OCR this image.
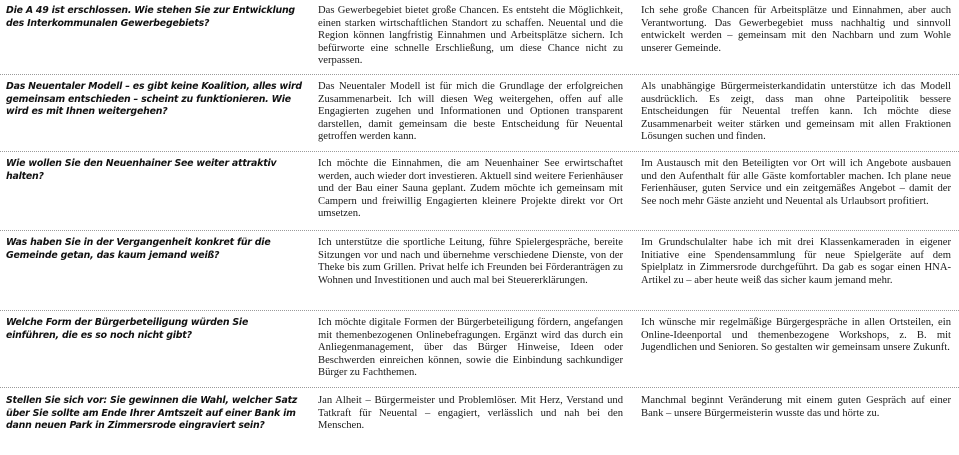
Die A 49 ist erschlossen. Wie stehen Sie zur Entwicklung des Interkommunalen Gewerbegebiets?
Das Gewerbegebiet bietet große Chancen. Es entsteht die Möglichkeit, einen starken wirtschaftlichen Standort zu schaffen. Neuental und die Region können langfristig Einnahmen und Arbeitsplätze sichern. Ich befürworte eine schnelle Erschließung, um diese Chance nicht zu verpassen.
Ich sehe große Chancen für Arbeitsplätze und Einnahmen, aber auch Verantwortung. Das Gewerbegebiet muss nachhaltig und sinnvoll entwickelt werden – gemeinsam mit den Nachbarn und zum Wohle unserer Gemeinde.
Das Neuentaler Modell – es gibt keine Koalition, alles wird gemeinsam entschieden – scheint zu funktionieren. Wie wird es mit Ihnen weitergehen?
Das Neuentaler Modell ist für mich die Grundlage der erfolgreichen Zusammenarbeit. Ich will diesen Weg weitergehen, offen auf alle Engagierten zugehen und Informationen und Optionen transparent darstellen, damit gemeinsam die beste Entscheidung für Neuental getroffen werden kann.
Als unabhängige Bürgermeisterkandidatin unterstütze ich das Modell ausdrücklich. Es zeigt, dass man ohne Parteipolitik bessere Entscheidungen für Neuental treffen kann. Ich möchte diese Zusammenarbeit weiter stärken und gemeinsam mit allen Fraktionen Lösungen suchen und finden.
Wie wollen Sie den Neuenhainer See weiter attraktiv halten?
Ich möchte die Einnahmen, die am Neuenhainer See erwirtschaftet werden, auch wieder dort investieren. Aktuell sind weitere Ferienhäuser und der Bau einer Sauna geplant. Zudem möchte ich gemeinsam mit Campern und freiwillig Engagierten kleinere Projekte direkt vor Ort umsetzen.
Im Austausch mit den Beteiligten vor Ort will ich Angebote ausbauen und den Aufenthalt für alle Gäste komfortabler machen. Ich plane neue Ferienhäuser, guten Service und ein zeitgemäßes Angebot – damit der See noch mehr Gäste anzieht und Neuental als Urlaubsort profitiert.
Was haben Sie in der Vergangenheit konkret für die Gemeinde getan, das kaum jemand weiß?
Ich unterstütze die sportliche Leitung, führe Spielergespräche, bereite Sitzungen vor und nach und übernehme verschiedene Dienste, von der Theke bis zum Grillen. Privat helfe ich Freunden bei Förderanträgen zu Wohnen und Investitionen und auch mal bei Steuererklärungen.
Im Grundschulalter habe ich mit drei Klassenkameraden in eigener Initiative eine Spendensammlung für neue Spielgeräte auf dem Spielplatz in Zimmersrode durchgeführt. Da gab es sogar einen HNA-Artikel zu – aber heute weiß das sicher kaum jemand mehr.
Welche Form der Bürgerbeteiligung würden Sie einführen, die es so noch nicht gibt?
Ich möchte digitale Formen der Bürgerbeteiligung fördern, angefangen mit themenbezogenen Onlinebefragungen. Ergänzt wird das durch ein Anliegenmanagement, über das Bürger Hinweise, Ideen oder Beschwerden einreichen können, sowie die Einbindung sachkundiger Bürger zu Fachthemen.
Ich wünsche mir regelmäßige Bürgergespräche in allen Ortsteilen, ein Online-Ideenportal und themenbezogene Workshops, z. B. mit Jugendlichen und Senioren. So gestalten wir gemeinsam unsere Zukunft.
Stellen Sie sich vor: Sie gewinnen die Wahl, welcher Satz über Sie sollte am Ende Ihrer Amtszeit auf einer Bank im dann neuen Park in Zimmersrode eingraviert sein?
Jan Alheit – Bürgermeister und Problemlöser. Mit Herz, Verstand und Tatkraft für Neuental – engagiert, verlässlich und nah bei den Menschen.
Manchmal beginnt Veränderung mit einem guten Gespräch auf einer Bank – unsere Bürgermeisterin wusste das und hörte zu.
